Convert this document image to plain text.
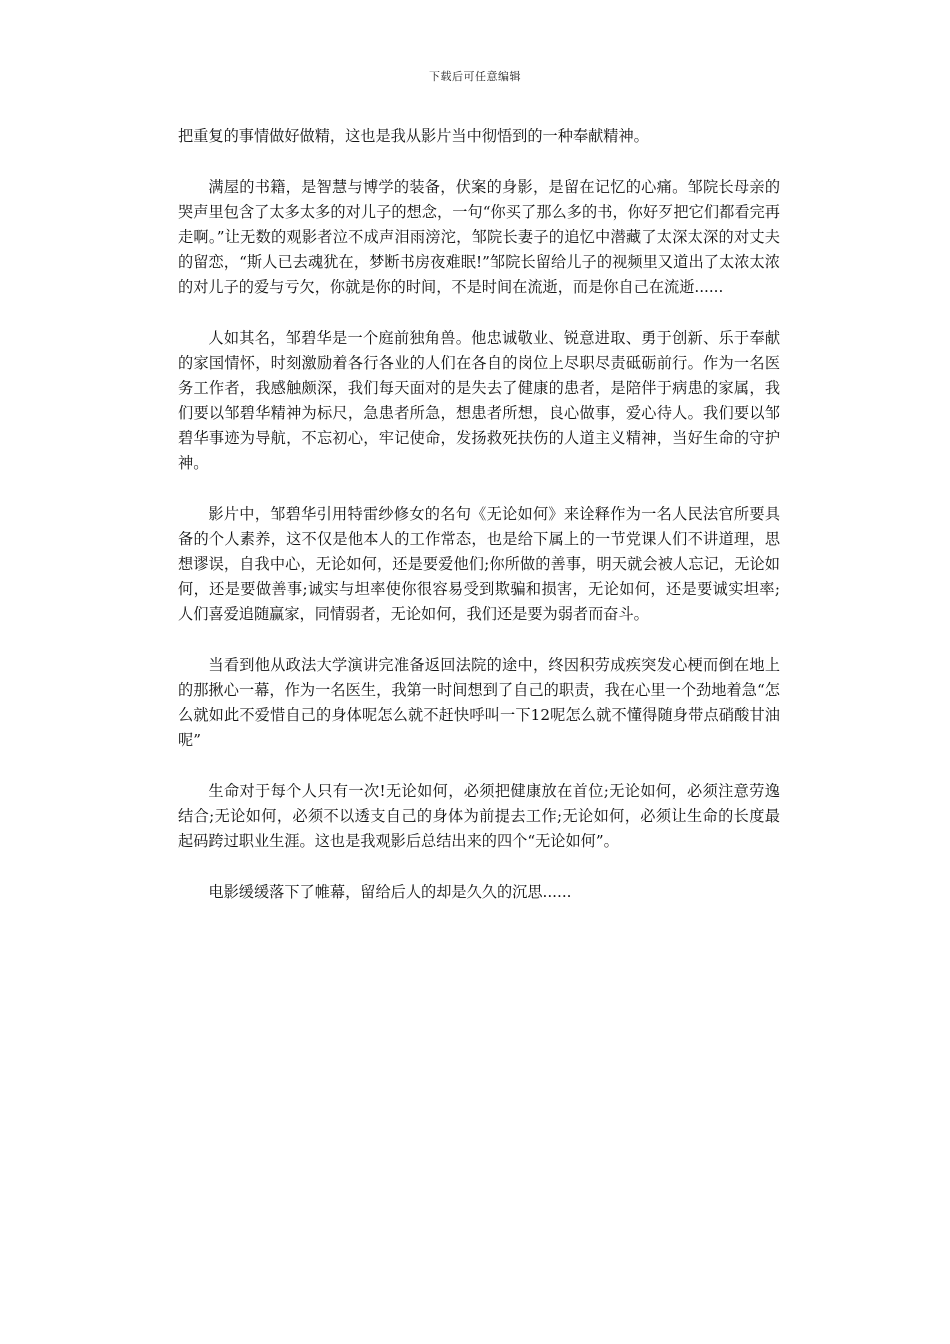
下载后可任意编辑

把重复的事情做好做精，这也是我从影片当中彻悟到的一种奉献精神。

满屋的书籍，是智慧与博学的装备，伏案的身影，是留在记忆的心痛。邹院长母亲的哭声里包含了太多太多的对儿子的想念，一句“你买了那么多的书，你好歹把它们都看完再走啊。”让无数的观影者泣不成声泪雨滂沱，邹院长妻子的追忆中潜藏了太深太深的对丈夫的留恋，“斯人已去魂犹在，梦断书房夜难眠!”邹院长留给儿子的视频里又道出了太浓太浓的对儿子的爱与亏欠，你就是你的时间，不是时间在流逝，而是你自己在流逝......

人如其名，邹碧华是一个庭前独角兽。他忠诚敬业、锐意进取、勇于创新、乐于奉献的家国情怀，时刻激励着各行各业的人们在各自的岗位上尽职尽责砥砺前行。作为一名医务工作者，我感触颇深，我们每天面对的是失去了健康的患者，是陪伴于病患的家属，我们要以邹碧华精神为标尺，急患者所急，想患者所想，良心做事，爱心待人。我们要以邹碧华事迹为导航，不忘初心，牢记使命，发扬救死扶伤的人道主义精神，当好生命的守护神。

影片中，邹碧华引用特雷纱修女的名句《无论如何》来诠释作为一名人民法官所要具备的个人素养，这不仅是他本人的工作常态，也是给下属上的一节党课人们不讲道理，思想谬误，自我中心，无论如何，还是要爱他们;你所做的善事，明天就会被人忘记，无论如何，还是要做善事;诚实与坦率使你很容易受到欺骗和损害，无论如何，还是要诚实坦率;人们喜爱追随赢家，同情弱者，无论如何，我们还是要为弱者而奋斗。

当看到他从政法大学演讲完准备返回法院的途中，终因积劳成疾突发心梗而倒在地上的那揪心一幕，作为一名医生，我第一时间想到了自己的职责，我在心里一个劲地着急“怎么就如此不爱惜自己的身体呢怎么就不赶快呼叫一下12呢怎么就不懂得随身带点硝酸甘油呢”

生命对于每个人只有一次!无论如何，必须把健康放在首位;无论如何，必须注意劳逸结合;无论如何，必须不以透支自己的身体为前提去工作;无论如何，必须让生命的长度最起码跨过职业生涯。这也是我观影后总结出来的四个“无论如何”。

电影缓缓落下了帷幕，留给后人的却是久久的沉思......
